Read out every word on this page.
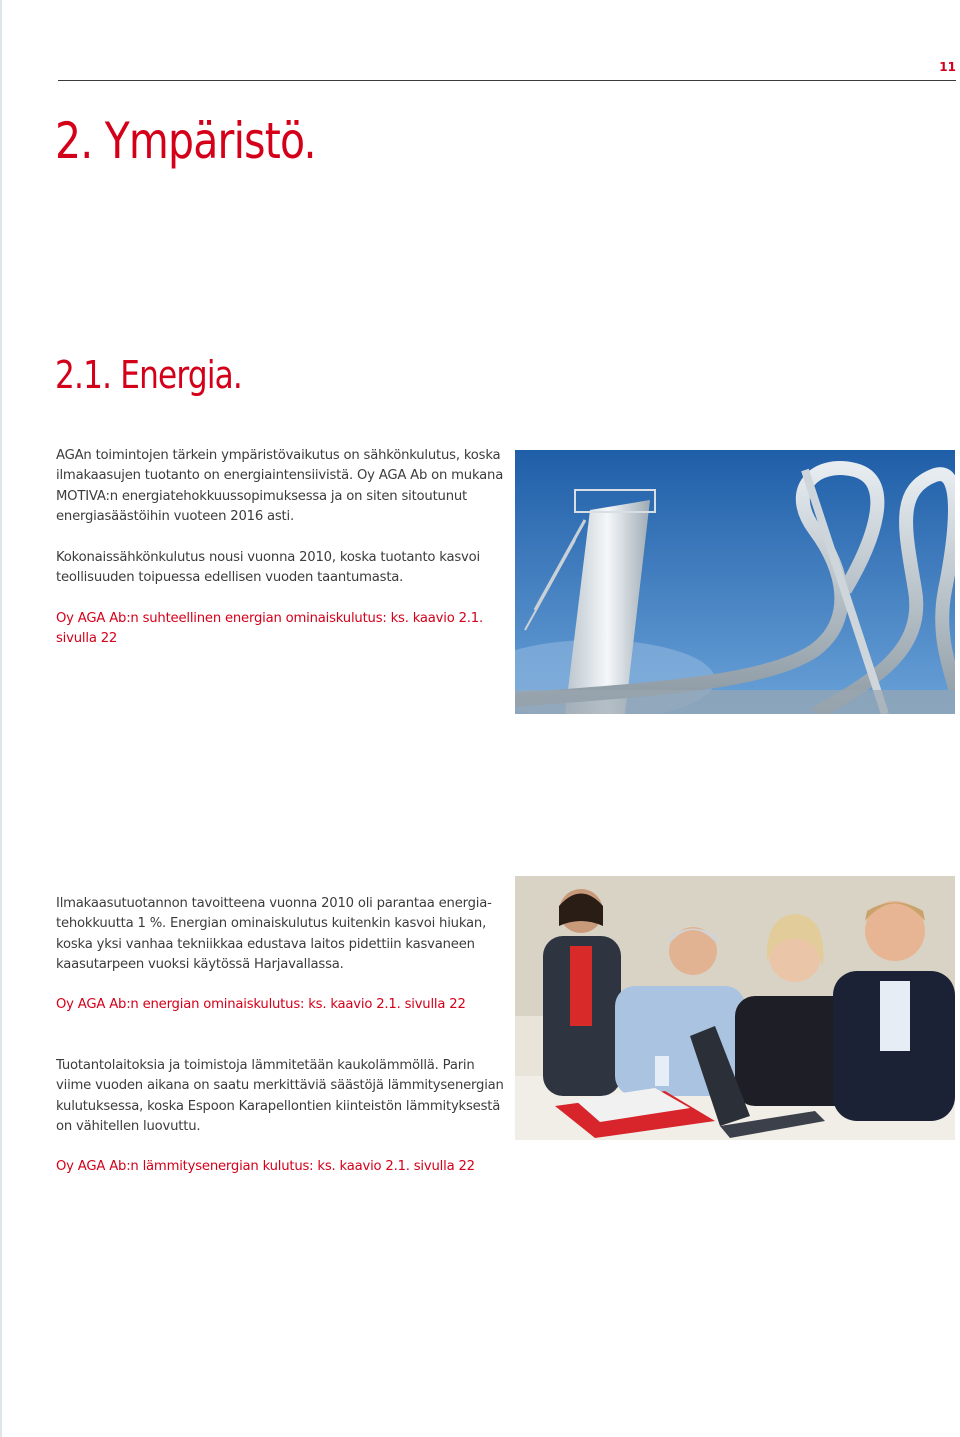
11
2. Ympäristö.
2.1. Energia.

AGAn toimintojen tärkein ympäristövaikutus on sähkönkulutus, koska ilmakaasujen tuotanto on energiaintensiivistä. Oy AGA Ab on mukana MOTIVA:n energiatehokkuussopimuksessa ja on siten sitoutunut energiasäästöihin vuoteen 2016 asti.

Kokonaissähkönkulutus nousi vuonna 2010, koska tuotanto kasvoi teollisuuden toipuessa edellisen vuoden taantumasta.

Oy AGA Ab:n suhteellinen energian ominaiskulutus: ks. kaavio 2.1. sivulla 22

Ilmakaasutuotannon tavoitteena vuonna 2010 oli parantaa energia-tehokkuutta 1 %. Energian ominaiskulutus kuitenkin kasvoi hiukan, koska yksi vanhaa tekniikkaa edustava laitos pidettiin kasvaneen kaasutarpeen vuoksi käytössä Harjavallassa.

Oy AGA Ab:n energian ominaiskulutus: ks. kaavio 2.1. sivulla 22

Tuotantolaitoksia ja toimistoja lämmitetään kaukolämmöllä. Parin viime vuoden aikana on saatu merkittäviä säästöjä lämmitysenergian kulutuksessa, koska Espoon Karapellontien kiinteistön lämmityksestä on vähitellen luovuttu.

Oy AGA Ab:n lämmitysenergian kulutus: ks. kaavio 2.1. sivulla 22
